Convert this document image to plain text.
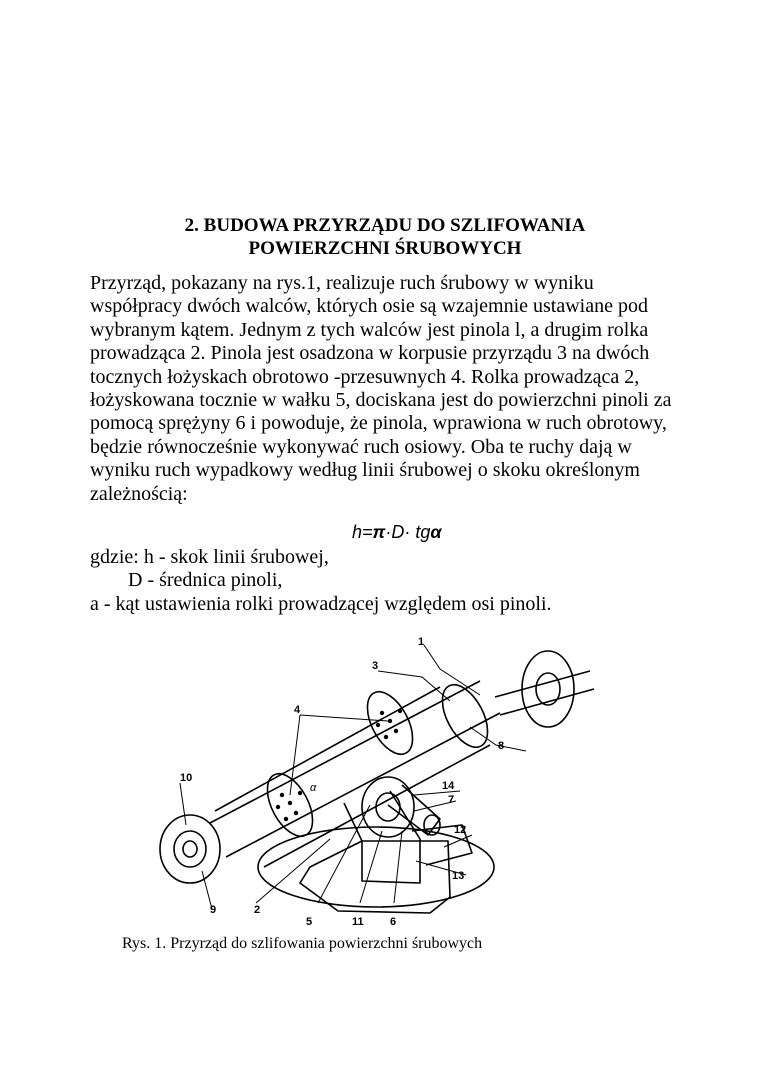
2. BUDOWA PRZYRZĄDU DO SZLIFOWANIA
POWIERZCHNI ŚRUBOWYCH

Przyrząd, pokazany na rys.1, realizuje ruch śrubowy w wyniku współpracy dwóch walców, których osie są wzajemnie ustawiane pod wybranym kątem. Jednym z tych walców jest pinola l, a drugim rolka prowadząca 2. Pinola jest osadzona w korpusie przyrządu 3 na dwóch tocznych łożyskach obrotowo -przesuwnych 4. Rolka prowadząca 2, łożyskowana tocznie w wałku 5, dociskana jest do powierzchni pinoli za pomocą sprężyny 6 i powoduje, że pinola, wprawiona w ruch obrotowy, będzie równocześnie wykonywać ruch osiowy. Oba te ruchy dają w wyniku ruch wypadkowy według linii śrubowej o skoku określonym zależnością:

h=π·D· tgα
gdzie: h - skok linii śrubowej,
D - średnica pinoli,
a - kąt ustawienia rolki prowadzącej względem osi pinoli.
1
3
4
10
8
14
7
12
13
9	2
5	11 6
α
Rys. 1. Przyrząd do szlifowania powierzchni śrubowych
